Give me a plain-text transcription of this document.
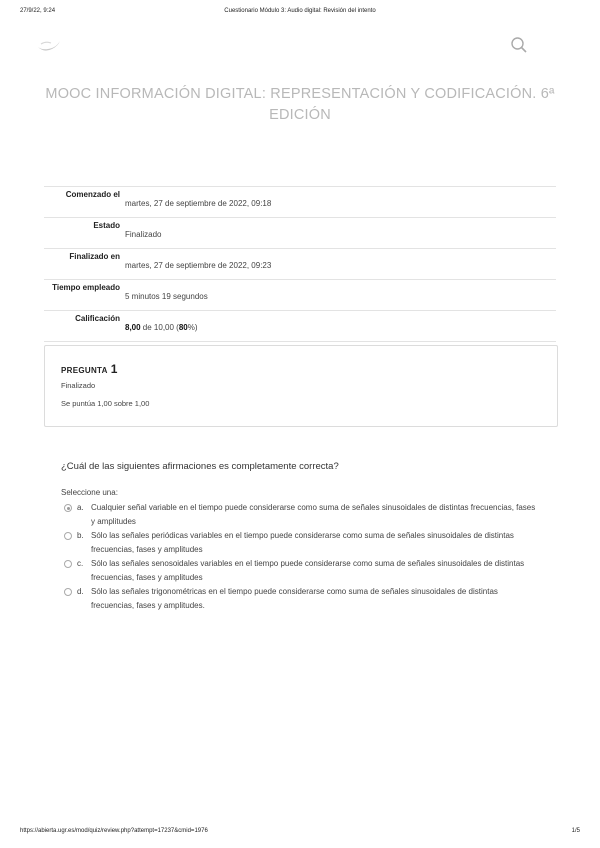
27/9/22, 9:24	Cuestionario Módulo 3: Audio digital: Revisión del intento
MOOC INFORMACIÓN DIGITAL: REPRESENTACIÓN Y CODIFICACIÓN. 6ª EDICIÓN
Comenzado el
martes, 27 de septiembre de 2022, 09:18
Estado
Finalizado
Finalizado en
martes, 27 de septiembre de 2022, 09:23
Tiempo empleado
5 minutos 19 segundos
Calificación
8,00 de 10,00 (80%)
PREGUNTA 1
Finalizado
Se puntúa 1,00 sobre 1,00
¿Cuál de las siguientes afirmaciones es completamente correcta?
Seleccione una:
a. Cualquier señal variable en el tiempo puede considerarse como suma de señales sinusoidales de distintas frecuencias, fases y amplitudes
b. Sólo las señales periódicas variables en el tiempo puede considerarse como suma de señales sinusoidales de distintas frecuencias, fases y amplitudes
c. Sólo las señales senosoidales variables en el tiempo puede considerarse como suma de señales sinusoidales de distintas frecuencias, fases y amplitudes
d. Sólo las señales trigonométricas en el tiempo puede considerarse como suma de señales sinusoidales de distintas frecuencias, fases y amplitudes.
https://abierta.ugr.es/mod/quiz/review.php?attempt=17237&cmid=1976	1/5
